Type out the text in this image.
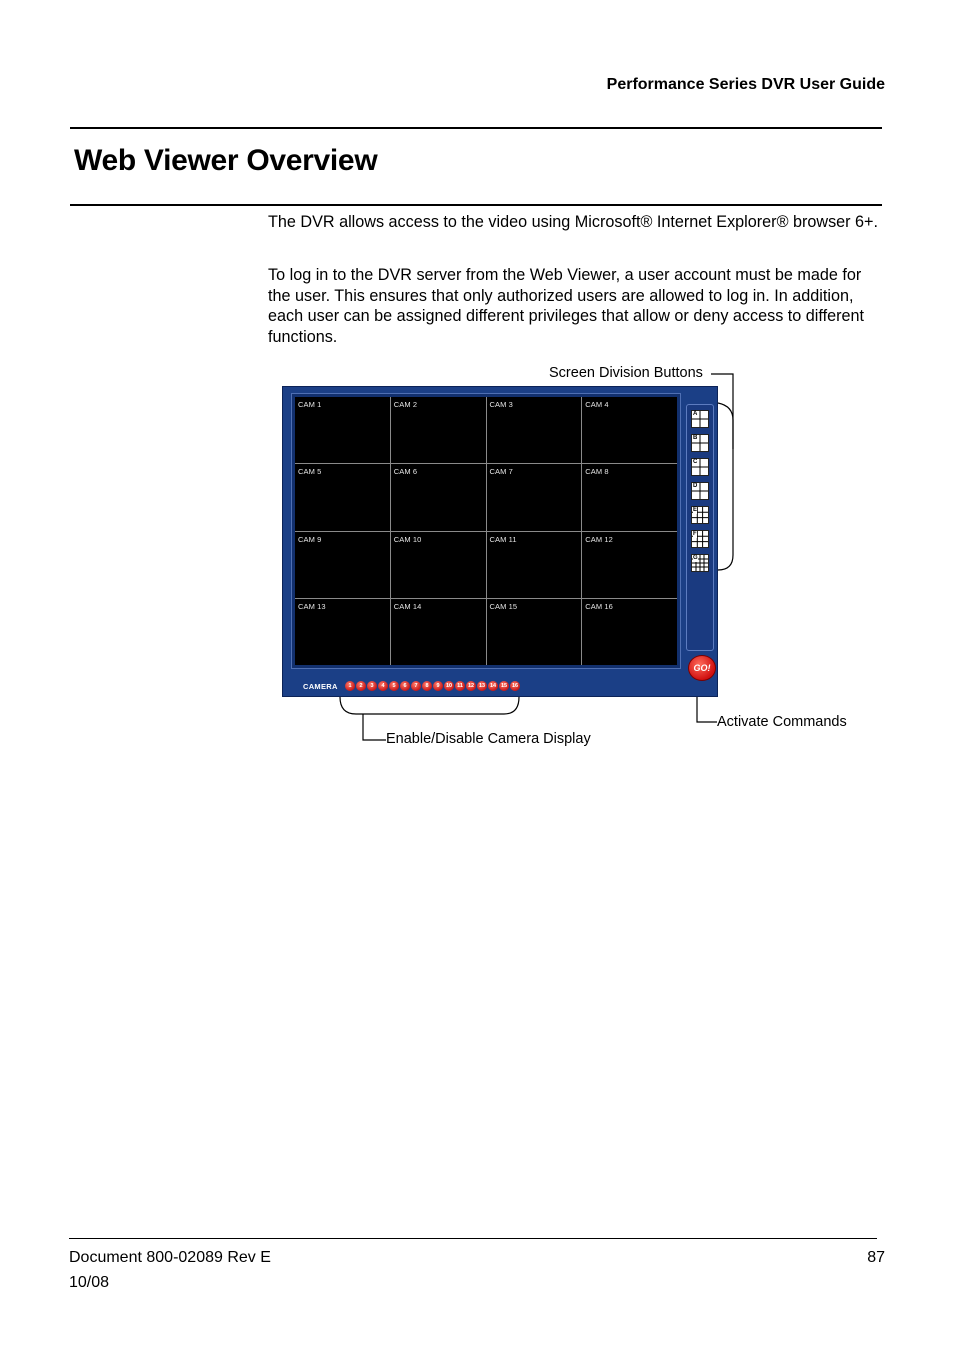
Performance Series DVR User Guide
Web Viewer Overview
The DVR allows access to the video using Microsoft® Internet Explorer® browser 6+.
To log in to the DVR server from the Web Viewer, a user account must be made for the user. This ensures that only authorized users are allowed to log in. In addition, each user can be assigned different privileges that allow or deny access to different functions.
Screen Division Buttons
Activate Commands
Enable/Disable Camera Display
CAM 1	CAM 2	CAM 3	CAM 4
CAM 5	CAM 6	CAM 7	CAM 8
CAM 9	CAM 10	CAM 11	CAM 12
CAM 13	CAM 14	CAM 15	CAM 16
A
B
C
D
E
F
G
GO!
CAMERA	1	2	3	4	5	6	7	8	9	10 11 12 13 14 15 16
Document 800-02089 Rev E
10/08
87
